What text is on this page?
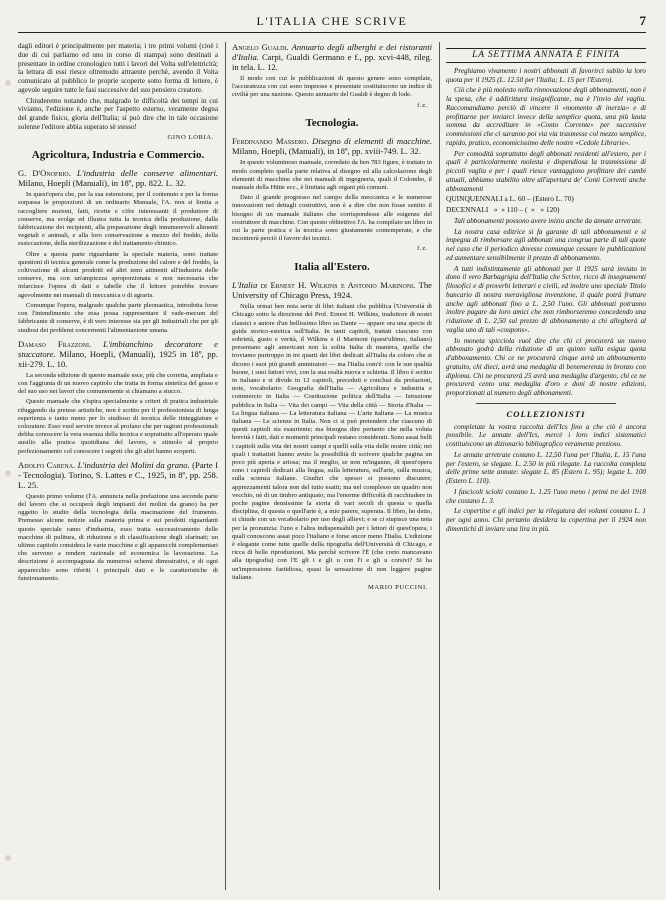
L'ITALIA CHE SCRIVE	7

dagli editori è principalmente per materia; i tre primi volumi (cioè i due di cui parliamo ed uno in corso di stampa) sono destinati a presentare in ordine cronologico tutti i lavori del Volta sull'elettricità; la lettura di essi riesce oltremodo attraente perchè, avendo il Volta comunicato al pubblico le proprie scoperte sotto forma di lettere, è agevole seguire tutte le fasi successive del suo pensiero creatore.

Chiuderemo notando che, malgrado le difficoltà dei tempi in cui viviamo, l'edizione è, anche per l'aspetto esterno, veramente degna del grande fisico, gloria dell'Italia; sì può dire che in tale occasione solenne l'editore abbia superato sè stesso!

GINO LORIA.
Agricoltura, Industria e Commercio.

G. D'Onofrio. L'industria delle conserve alimentari. Milano, Hoepli (Manuali), in 18º, pp. 822. L. 32.

In quest'opera che, per la sua estensione, per il contenuto e per la forma sorpassa le proporzioni di un ordinario Manuale, l'A. non si limita a raccogliere nozioni, fatti, ricette e cifre interessanti il produttore di conserve, ma svolge ed illustra tutta la tecnica della produzione, dalla fabbricazione dei recipienti, alla preparazione degli innumerevoli alimenti vegetali e animali, e alla loro conservazione a mezzo del freddo, della essiccazione, della sterilizzazione e del trattamento chimico.

Oltre a questa parte riguardante la speciale materia, sono trattate questioni di tecnica generale come la produzione del calore e del freddo, la coltivazione di alcuni prodotti ed altri temi attinenti all'industria delle conserve, ma con un'ampiezza sproporzionata e non necessaria che infarcisce l'opera di dati e tabelle che il lettore potrebbe trovare agevolmente nei manuali di meccanica o di agraria.

Comunque l'opera, malgrado qualche parte pleonastica, introdotta forse con l'intendimento che essa possa rappresentare il vade-mecum del fabbricante di conserve, è di vero interesse sia per gli industriali che per gli studiosi dei problemi concernenti l'alimentazione umana.

Damaso Frazzoni. L'imbianchino decoratore e stuccatore. Milano, Hoepli, (Manuali), 1925 in 18º, pp. xii-279. L. 10.

La seconda edizione di questo manuale esce, più che corretta, ampliata e con l'aggiunta di un nuovo capitolo che tratta in forma sintetica del gesso e del suo uso nei lavori che comunemente si chiamano a stucco.

Questo manuale che s'ispira specialmente a criteri di pratica industriale rifuggendo da pretese artistiche, non è scritto per il professionista di lunga esperienza e tanto meno per lo studioso di tecnica delle tinteggiature e colorature. Esso vuol servire invece al profano che per ragioni professionali debba conoscere la vera essenza della tecnica e soprattutto all'operaio quale ausilio alla pratica quotidiana del lavoro, e stimolo al proprio perfezionamento col conoscere i segreti che gli altri hanno scoperti.

Adolfo Carena. L'industria dei Molini da grano. (Parte I - Tecnologia). Torino, S. Lattes e C., 1925, in 8º, pp. 258. L. 25.

Questo primo volume (l'A. annuncia nella prefazione una seconda parte del lavoro che si occuperà degli impianti dei molini da grano) ha per oggetto lo studio della tecnologia della macinazione del frumento. Premesso alcune notizie sulla materia prima e sui prodotti riguardanti questo speciale ramo d'industria, esso tratta successivamente delle macchine di pulitura, di riduzione e di classificazione degli sfarinati; un ultimo capitolo considera le varie macchine e gli apparecchi complementari che servono a rendere razionale ed economica la lavorazione. La descrizione è accompagnata da numerosi schemi dimostrativi, e di ogni apparecchio sono riferiti i principali dati e le caratteristiche di funzionamento.

Angelo Gualdi. Annuario degli alberghi e dei ristoranti d'Italia. Carpi, Gualdi Germano e f., pp. xcvi-448, rileg. in tela. L. 12.

Il modo con cui le pubblicazioni di questo genere sono compilate, l'accuratezza con cui sono impresse e presentate costituiscono un indice di civiltà per una nazione. Questo annuario del Gualdi è degno di lode.

f.z.
Tecnologia.

Ferdinando Massero. Disegno di elementi di macchine. Milano, Hoepli, (Manuali), in 18º, pp. xviii-749. L. 32.

In questo voluminoso manuale, corredato da ben 783 figure, è trattato in modo completo quella parte relativa al disegno ed alla calcolazione degli elementi di macchine che nei manuali di ingegneria, quali il Colombo, il manuale della Hütte ecc., è limitata agli organi più comuni.

Dato il grande progresso nel campo della meccanica e le numerose innovazioni nei dettagli costruttivi, non è a dire che non fosse sentito il bisogno di un manuale italiano che corrispondesse alle esigenze del costruttore di macchine. Con questo obbiettivo l'A. ha compilato un libro in cui la parte pratica e la tecnica sono giustamente contemperate, e che incontrerà perciò il favore dei tecnici.

f.z.
Italia all'Estero.

L'Italia di Ernest H. Wilkins e Antonio Marinoni. The University of Chicago Press, 1924.

Nella ormai ben nota serie di libri italiani che pubblica l'Università di Chicago sotto la direzione del Prof. Ernest H. Wilkins, traduttore di nostri classici e autore d'un bellissimo libro su Dante — appare ora una specie di guida storico-estetica sull'Italia. In tanti capitoli, trattati ciascuno con sobrietà, gusto e verità, il Wilkins e il Marinoni (quest'ultimo, italiano) presentano agli americani non la solita Italia di maniera, quella che troviamo purtroppo in tre quarti dei libri dedicati all'Italia da coloro che si dicono i suoi più grandi ammiratori — ma l'Italia com'è: con le sue qualità buone, i suoi fattori vivi, con la sua realtà nuova e schietta. Il libro è scritto in italiano e si divide in 12 capitoli, preceduti e conclusi da prefazioni, note, vocabolario: Geografia dell'Italia — Agricoltura e industria e commercio in Italia — Costituzione politica dell'Italia — Istruzione pubblica in Italia — Vita dei campi — Vita della città — Storia d'Italia — La lingua italiana — La letteratura italiana — L'arte italiana — La musica italiana — Le scienze in Italia. Non ci si può pretendere che ciascuno di questi capitoli sia esauriente; ma bisogna dire pertanto che nella voluta brevità i fatti, dati e momenti principali restano considerati. Sono assai belli i capitoli sulla vita dei nostri campi e quelli sulla vita delle nostre città; nei quali i trattatisti hanno avuto la possibilità di scrivere qualche pagina un poco più aperta e ariosa; ma il meglio, se non m'inganno, di quest'opera sono i capitoli dedicati alla lingua, sulla letteratura, sull'arte, sulla musica, sulla scienza italiane. Giudizi che spesso si possono discutere; apprezzamenti talora non del tutto esatti; ma nel complesso un quadro non vecchio, nè di un timbro antiquato; ma l'enorme difficoltà di racchiudere in poche pagine densissime la storia di vari secoli di questa o quella disciplina, di questa o quell'arte è, a mio parere, superata. Il libro, ho detto, si chiude con un vocabolario per uso degli allievi; e se ci stupisce una nota per la pronunzia: l'uno e l'altra indispensabili per i lettori di quest'opera, i quali conoscono assai poco l'italiano e forse ancor meno l'Italia. L'edizione è elegante come tutte quelle della tipografia dell'Università di Chicago, e ricca di belle riproduzioni. Ma perchè scrivere l'Ë (che corto mancavano alla tipografia) con l'E gli i e gli u con l'i e gli u corsivi? Si ha un'impressione fastidiosa, quasi la sensazione di non leggere pagine italiane.

MARIO PUCCINI.
LA SETTIMA ANNATA È FINITA

Preghiamo vivamente i nostri abbonati di favorirci subito la loro quota per il 1925 (L. 12.50 per l'Italia; L. 15 per l'Estero).

Ciò che è più molesto nella rinnovazione degli abbonamenti, non è la spesa, che è addirittura insignificante, ma è l'invio del vaglia. Raccomandiamo perciò di vincere il «momento di inerzia» e di profittarne per inviarci invece della semplice quota, una più lauta somma da accreditare in «Conto Corrente» per successive commissioni che ci saranno poi via via trasmesse col mezzo semplice, rapido, pratico, economicissimo delle nostre «Cedole Librarie».

Per comodità soprattutto degli abbonati residenti all'estero, per i quali è particolarmente molesta e dispendiosa la trasmissione di piccoli vaglia e per i quali riesce vantaggioso profittare dei cambi attuali, abbiamo stabilito oltre all'apertura de' Conti Correnti anche abbonamenti

QUINQUENNALI a L. 60 – (Estero L. 70)

DECENNALI   »  » 110 – (  »   » 120)

Tali abbonamenti possono avere inizio anche da annate arretrate.

La nostra casa editrice si fa garante di tali abbonamenti e si impegna di rimborsare agli abbonati una congrua parte di tali quote nel caso che il periodico dovesse comunque cessare le pubblicazioni ed aumentare sensibilmente il prezzo di abbonamento.

A tutti indistintamente gli abbonati per il 1925 sarà inviato in dono il vero Barbagrigia dell'Italia che Scrive, ricco di insegnamenti filosofici e di proverbi letterari e civili, ed inoltre uno speciale Titolo bancario di nostra meravigliosa invenzione, il quale potrà fruttare anche agli abbonati fino a L. 2,50 l'uno. Gli abbonati potranno inoltre pagare da loro amici che non rimborseremo concedendo una riduzione di L. 2,50 sul prezzo di abbonamento a chi allegherà al vaglia uno di tali «coupons».

In moneta spicciola vuol dire che chi ci procurerà un nuovo abbonato godrà della riduzione di un quinto sulla esigua quota d'abbonamento. Chi ce ne procurerà cinque avrà un abbonamento gratuito, chi dieci, avrà una medaglia di benemerenza in bronzo con diploma. Chi ne procurerà 25 avrà una medaglia d'argento, chi ce ne procurerà cento una medaglia d'oro e doni di nostre edizioni, proporzionati al numero degli abbonamenti.

COLLEZIONISTI

completate la vostra raccolta dell'Ics fino a che ciò è ancora possibile. Le annate dell'Ics, mercè i loro indici sistematici costituiscono un dizionario bibliografico veramente prezioso.

Le annate arretrate costano L. 12,50 l'una per l'Italia, L. 15 l'una per l'estero, se slegate. L. 2.50 in più rilegate. La raccolta completa delle prime sette annate: slegate L. 85 (Estero L. 95); legate L. 100 (Estero L. 110).

I fascicoli sciolti costano L. 1.25 l'uno meno i primi tre del 1918 che costano L. 3.

Le copertine e gli indici per la rilegatura dei volumi costano L. 1 per ogni anno. Chi pertanto desidera la copertina per il 1924 non dimentichi di inviare una lira in più.
